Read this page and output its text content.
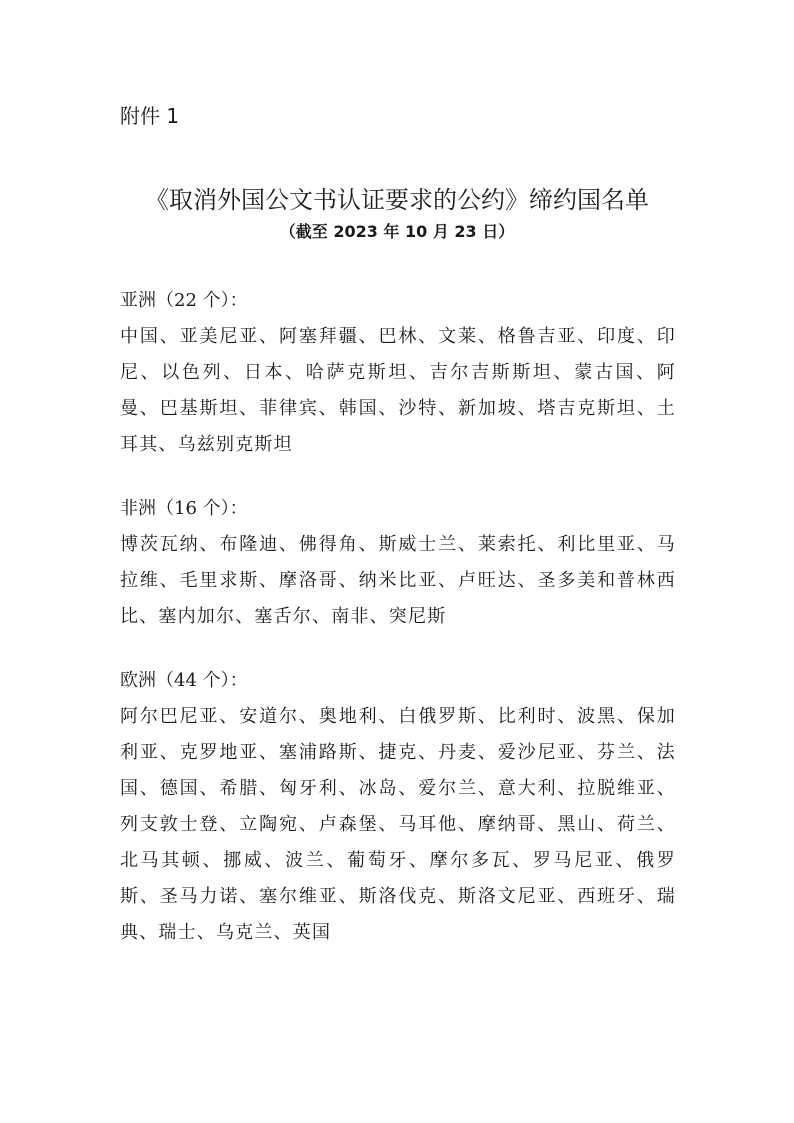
附件 1
《取消外国公文书认证要求的公约》缔约国名单
（截至 2023 年 10 月 23 日）
亚洲（22 个）：
中国、亚美尼亚、阿塞拜疆、巴林、文莱、格鲁吉亚、印度、印尼、以色列、日本、哈萨克斯坦、吉尔吉斯斯坦、蒙古国、阿曼、巴基斯坦、菲律宾、韩国、沙特、新加坡、塔吉克斯坦、土耳其、乌兹别克斯坦
非洲（16 个）：
博茨瓦纳、布隆迪、佛得角、斯威士兰、莱索托、利比里亚、马拉维、毛里求斯、摩洛哥、纳米比亚、卢旺达、圣多美和普林西比、塞内加尔、塞舌尔、南非、突尼斯
欧洲（44 个）：
阿尔巴尼亚、安道尔、奥地利、白俄罗斯、比利时、波黑、保加利亚、克罗地亚、塞浦路斯、捷克、丹麦、爱沙尼亚、芬兰、法国、德国、希腊、匈牙利、冰岛、爱尔兰、意大利、拉脱维亚、列支敦士登、立陶宛、卢森堡、马耳他、摩纳哥、黑山、荷兰、北马其顿、挪威、波兰、葡萄牙、摩尔多瓦、罗马尼亚、俄罗斯、圣马力诺、塞尔维亚、斯洛伐克、斯洛文尼亚、西班牙、瑞典、瑞士、乌克兰、英国
